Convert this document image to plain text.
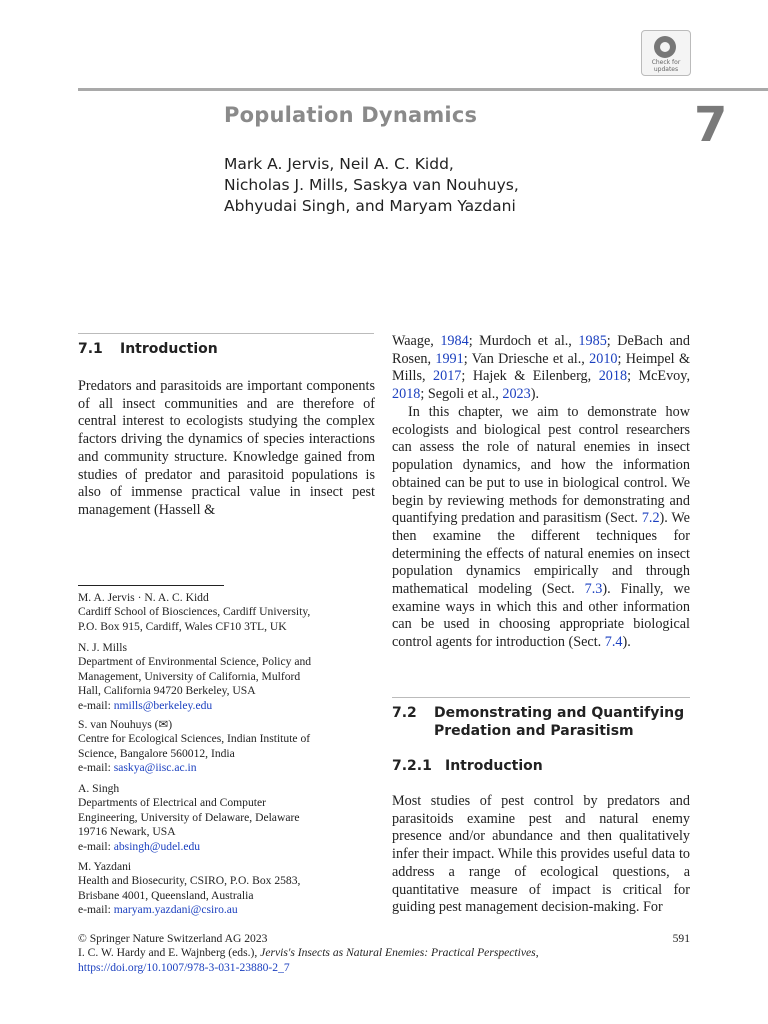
Check for
updates
Population Dynamics	7
Mark A. Jervis, Neil A. C. Kidd,
Nicholas J. Mills, Saskya van Nouhuys,
Abhyudai Singh, and Maryam Yazdani
7.1 Introduction
Predators and parasitoids are important components of all insect communities and are therefore of central interest to ecologists studying the complex factors driving the dynamics of species interactions and community structure. Knowledge gained from studies of predator and parasitoid populations is also of immense practical value in insect pest management (Hassell &
M. A. Jervis · N. A. C. Kidd
Cardiff School of Biosciences, Cardiff University,
P.O. Box 915, Cardiff, Wales CF10 3TL, UK
N. J. Mills
Department of Environmental Science, Policy and
Management, University of California, Mulford
Hall, California 94720 Berkeley, USA
e-mail: nmills@berkeley.edu
S. van Nouhuys (✉)
Centre for Ecological Sciences, Indian Institute of
Science, Bangalore 560012, India
e-mail: saskya@iisc.ac.in
A. Singh
Departments of Electrical and Computer
Engineering, University of Delaware, Delaware
19716 Newark, USA
e-mail: absingh@udel.edu
M. Yazdani
Health and Biosecurity, CSIRO, P.O. Box 2583,
Brisbane 4001, Queensland, Australia
e-mail: maryam.yazdani@csiro.au
Waage, 1984; Murdoch et al., 1985; DeBach and Rosen, 1991; Van Driesche et al., 2010; Heimpel & Mills, 2017; Hajek & Eilenberg, 2018; McEvoy, 2018; Segoli et al., 2023).
In this chapter, we aim to demonstrate how ecologists and biological pest control researchers can assess the role of natural enemies in insect population dynamics, and how the information obtained can be put to use in biological control. We begin by reviewing methods for demonstrating and quantifying predation and parasitism (Sect. 7.2). We then examine the different techniques for determining the effects of natural enemies on insect population dynamics empirically and through mathematical modeling (Sect. 7.3). Finally, we examine ways in which this and other information can be used in choosing appropriate biological control agents for introduction (Sect. 7.4).
7.2 Demonstrating and Quantifying
Predation and Parasitism
7.2.1 Introduction
Most studies of pest control by predators and parasitoids examine pest and natural enemy presence and/or abundance and then qualitatively infer their impact. While this provides useful data to address a range of ecological questions, a quantitative measure of impact is critical for guiding pest management decision-making. For
© Springer Nature Switzerland AG 2023	591
I. C. W. Hardy and E. Wajnberg (eds.), Jervis's Insects as Natural Enemies: Practical Perspectives,
https://doi.org/10.1007/978-3-031-23880-2_7
